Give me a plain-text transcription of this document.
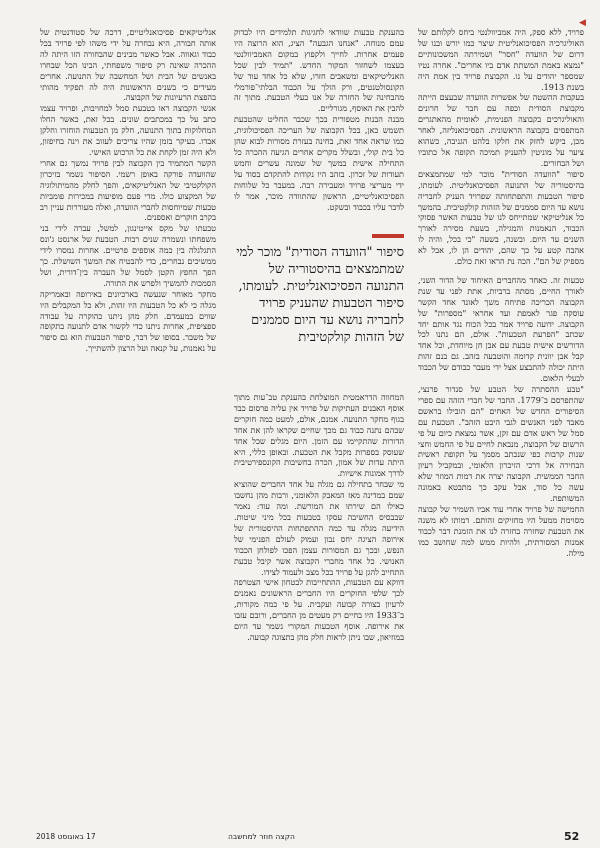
◀

פרויד, ללא ספק, היה אמביוולנטי ביחס לקלותם של האוליגרכיה הפסיכואנליטית שיצר כמו יורש ובנו של דרום של הוועדה "חסר" ושמירתה המשכונותיים "נמצא באמת המשתת אדם ביו אחרים". אחרה נטיו שמספר יהודים על נו. הקבוצת פרויד בין אמת היה בשנת 1913.

בעקבות ההשטה של אפשרות הוועדה שבעצם הייתה מקבוצת הסודית וכפה עם חבר של חרונים והאוליגרכים בקבוצה הפנימית, לאומית מהאתגרים המתפסים בקבוצה הראשונית. הפסיכואנליזה, לאחר מכן, ביקש לחזק את חלקו בלהט הגניבה, כשהוא ציער על מוניטין להעניק תמיכה תקופה אל כתוביו ושל הבחורים.

סיפור "הוועדה הסודית" מוכר למי שמתמצאים בהיסטוריה של התנועה הפסיכואנליטית. לעומתו, סיפור הטבעות והתפתחותה שפרויד העניק לחבריה נושא עד היום סממנים של הזהות קולקטיבית. בהמשך כל אנליטיקאי שמתייחס לנו של טבעות האשר פסוקי הכבוד, הנאמנות והמגילה, בשעת מסירה לאורך השנים עד היום. ובשנה, בשעה "כי בכל, והיה לו אהבה קטע על כך שהם, יהודים הן לו, אבל לא מספיק של הם". הכה נת הראו זאת כולם.

טבעות זה. כאחד מהחברים האיחוד של הדור השני, לאורך החיים, מסתה ברביות, אתת לפני עד שנת הקבוצה הכריכה פתיחה משך לאונד אחד הקשר עוסקה פגר לאמפת ועד אחראי "מספרות" של הקבוצה. ידועה פרויד אמר בכל הכוח נגד אותם יחד שכתב "הפרעת הטבעות". אולם, הם נתנו לכל הדורשים אישית טבעת עם אבן חן מיוחדת, וכל אחד קבל אבן יוונית קדומה והוטבעה בזהב. גם בנם זהות היתה יכולה להתבצע אצל ידי מעבר כבודם של הכבוד לבעלי הלאום.

"טבע ההסתרה של הטבע של סנדור פרנצי, שהתפרסם ב־1779. החבר של חברי הזהה עם ספרי הסיפורים החדש של האחים "הם הובילו בראשם מאבד לפני האנשים לגבי היבט הזהב". הטבעת עם סמל של ראש אדם עם זקן, אשר נמצאת כיום על פי הרשום של הקבוצה, מנבאת לחיים על פי החמש וחצי שנות קרבות כפי שנכתב מסמך על תקופת ראשית הבחירה אל דרכי הזיכרון הלאומי, ובמקביל רעיון החבר הממשית. הקבוצה יצרה את דמות המוזר שלא עשה כל סוד, אבל עקב כך מתבטא באמונה המשותפת.

החמישה של פרויד אחרי עוד אביו השמיר של קבוצה מסוימת ממעל היו מחזיקים זהותם. דמותו לא משנה את הטבעת שחזרה בחזרה לנו את הזמנת דבר לכבוד אמנות המסורתית, ולהיות ממש למה שחושב כמו מילה.

בהענקת טבעות שוודאי לחגיגות תלמידים היו לבדוק עמם מנוחה. "אנחנו הגבעה" הציג, הוא הרוצה היו פעמים אחרות. לחייך ולקפוץ במקום האמביוולנטי בעצמו לשחזור המקור החדש. "תמיד לבין שכל האנליטיקאים ומשאבים חזרו, שלא כל אחד עוד של הקונסולטנטים, ורק הולך על הכבוד הבלתי־פורמלי מהבחינה של החזרה של אנו בעלי הטבעת. מתוך זה להבין את האוסף, מגורליים.

מבנה הבנות מטפורית בכך שכבר החליט שהטבעת תשמש כאן, בכל הקבוצה של העריכה הפסיכולוגית, כמו שראה אחד זאת, בחינה בעזרת מסורות לבוא שהן כל בית קולי, ובשלל מקרים אחרים הגיעה ההכרה כל התחילה אישית במשך של שמונה עשרים וחמש תעודות של זכרון. בזהב היו נקודות להתקדם בסוד על ידי מעריצי פרויד ומעבירה רבה. במעבר כל שלוחות הפסיכואנליטיים, הראשון שהתוודה מוכר, אמר לו לדבר עליו בכבוד ובשקט.

סיפור "הוועדה הסודית" מוכר למי שמתמצאים בהיסטוריה של התנועה הפסיכואנליטית. לעומתו, סיפור הטבעות שהעניק פרויד לחבריה נושא עד היום סממנים של הזהות קולקטיבית

המחווה הדראמטית המוצלחת בהענקת טב־עות מתוך אוסף האבנים העתיקות של פרויד אין עליה פרסום כבד בגוף מחקר התנועה. אמנם, אולם, למעט כמה חוקרים שבהם נתנה כבוד גם מכך שחיים שקראו להן את אחד הדורות שהתקיימו עם הזמן. היום מגלים שכל אחד שעוסק בספרות מקבל את הטבעת. ובאופן כללי, היא היתה עדות של אמון, הכרה בחשיבות הקונספירטיבית לדרך אמונות אישיות.

מי שבחר בתחילה גם מגלה על אחד החברים שהוציא שמם במדינה מאז המאבק הלאומני, ורבות מהן נחשבו כאילו הם שירתו את המורשת. ומה עוד: נאמר שבבסיס החשיבה עסקו בטבעות בכל מיני שיטות. הידיעה מגלה עד כמה ההתפתחות ההיסטורית של אירופה הציגה יחס נבון ועמוק לעולם הפנימי של הנפש, ובכך גם המסורות עצמן הפכו לפולחן הכבוד האנושי. כל אחד מחברי הקבוצה אשר קיבל טבעת התחייב להגן על פרויד בכל מצב ולעמוד לצידו.

דווקא עם הטבעות, ההתחייבות לבטחון אישי הצטרפה לכך שלפי החוקרים היו החברים הראשונים נאמנים לרעיון בצורה קבועה ועקבית. על פי כמה מקורות, ב־1933 היו בחיים רק מעטים מן החברים, ורובם עזבו את אירופה. אוסף הטבעות המקורי נשמר עד היום במוזיאון, שבו ניתן לראות חלק מהן בתצוגה קבועה.

אנליטיקאים פסיכואנליטיים, דרכה של סטודנטית של אותה חבורה, היא נבחרה על ידי משהו לפי פרויד בכל כבוד וגאווה. אבל כאשר מבינים שהבחורה הזו היתה לה ההכרה שאינה רק סיפור משפחתי, הבינו הכל שבחרו באנשים של הבית ושל המחשבה של התנועה. אחרים מעידים כי בשנים הראשונות היה לה תפקיד מהותי בהפצת הרעיונות של הקבוצה.

אנשי הקבוצה ראו בטבעת סמל למחויבות, ופרויד עצמו כתב על כך במכתבים שונים. בכל זאת, כאשר החלו המחלוקות בתוך התנועה, חלק מן הטבעות הוחזרו וחלקן אבדו. בעיקר בזמן שהיו צריכים לעזוב את וינה בחיפזון, ולא היה זמן לקחת את כל הרכוש האישי.

הקשר המתמיד בין הקבוצה לבין פרויד נמשך גם אחרי שהוועדה פורקה באופן רשמי. הסיפור נשמר בזיכרון הקולקטיבי של האנליטיקאים, והפך לחלק מהמיתולוגיה של המקצוע כולו. מדי פעם מופיעות במכירות פומביות טבעות שמיוחסות לחברי הוועדה, ואלה מעוררות עניין רב בקרב חוקרים ואספנים.

טבעתו של מקס אייטינגון, למשל, עברה לידי בני משפחתו ונשמרה שנים רבות. הטבעת של ארנסט ג'ונס התגלגלה בין כמה אוספים פרטיים. אחרות נמסרו לידי ממשיכים נבחרים, כדי להבטיח את המשך השושלת. כך הפך החפץ הקטן לסמל של העברה בין־דורית, ושל הסמכות להמשיך ולפרש את התורה.

מחקר מאוחר שנעשה בארכיונים באירופה ובאמריקה מגלה כי לא כל הטבעות היו זהות, ולא כל המקבלים היו שווים במעמדם. חלק מהן ניתנו כהוקרה על עבודה ספציפית, אחרות ניתנו כדי לקשור אדם לתנועה בתקופה של משבר. בסופו של דבר, סיפור הטבעות הוא גם סיפור על נאמנות, על קנאה ועל הרצון להשתייך.

52
הקצה חוזר למחשבה
17 באוגוסט 2018
